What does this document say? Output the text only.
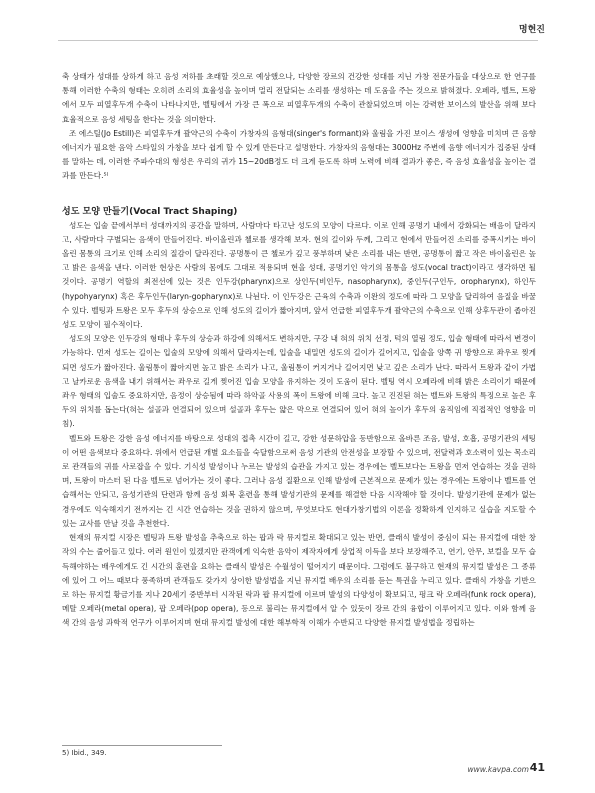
명현진

축 상태가 성대를 상하게 하고 음성 저하를 초래할 것으로 예상했으나, 다양한 장르의 건강한 성대를 지닌 가창 전문가들을 대상으로 한 연구를 통해 이러한 수축의 형태는 오히려 소리의 효율성을 높이며 멀리 전달되는 소리를 생성하는 데 도움을 주는 것으로 밝혀졌다. 오페라, 벨트, 트왕에서 모두 피열후두개 수축이 나타나지만, 벨팅에서 가장 큰 폭으로 피열후두개의 수축이 관찰되었으며 이는 강력한 보이스의 발산을 위해 보다 효율적으로 음성 세팅을 한다는 것을 의미한다.

조 에스틸(Jo Estill)은 피열후두개 괄약근의 수축이 가창자의 음형대(singer's formant)와 울림을 가진 보이스 생성에 영향을 미치며 큰 음향 에너지가 필요한 음악 스타일의 가창을 보다 쉽게 할 수 있게 만든다고 설명한다. 가창자의 음형대는 3000Hz 주변에 음향 에너지가 집중된 상태를 말하는 데, 이러한 주파수대의 형성은 우리의 귀가 15~20dB정도 더 크게 듣도록 하며 노력에 비해 결과가 좋은, 즉 음성 효율성을 높이는 결과를 만든다.⁵⁾

성도 모양 만들기(Vocal Tract Shaping)

성도는 입술 끝에서부터 성대까지의 공간을 말하며, 사람마다 타고난 성도의 모양이 다르다. 이로 인해 공명기 내에서 강화되는 배음이 달라지고, 사람마다 구별되는 음색이 만들어진다. 바이올린과 첼로를 생각해 보자. 현의 길이와 두께, 그리고 현에서 만들어진 소리를 증폭시키는 바이올린 몸통의 크기로 인해 소리의 질감이 달라진다. 공명통이 큰 첼로가 깊고 풍부하며 낮은 소리를 내는 반면, 공명통이 짧고 작은 바이올린은 높고 밝은 음색을 낸다. 이러한 현상은 사람의 몸에도 그대로 적용되며 현을 성대, 공명기인 악기의 몸통을 성도(vocal tract)이라고 생각하면 될 것이다. 공명기 역할의 최전선에 있는 것은 인두강(pharynx)으로 상인두(비인두, nasopharynx), 중인두(구인두, oropharynx), 하인두(hypohyarynx) 혹은 후두인두(laryn-gopharynx)로 나뉜다. 이 인두강은 근육의 수축과 이완의 정도에 따라 그 모양을 달리하여 음질을 바꿀 수 있다. 벨팅과 트왕은 모두 후두의 상승으로 인해 성도의 길이가 짧아지며, 앞서 언급한 피열후두개 괄약근의 수축으로 인해 상후두관이 좁아진 성도 모양이 필수적이다.

성도의 모양은 인두강의 형태나 후두의 상승과 하강에 의해서도 변하지만, 구강 내 혀의 위치 선정, 턱의 열림 정도, 입술 형태에 따라서 변경이 가능하다. 먼저 성도는 길이는 입술의 모양에 의해서 달라지는데, 입술을 내밀면 성도의 길이가 길어지고, 입술을 양쪽 귀 방향으로 좌우로 찢게 되면 성도가 짧아진다. 울림통이 짧아지면 높고 밝은 소리가 나고, 울림통이 커지거나 길어지면 낮고 깊은 소리가 난다. 따라서 트왕과 같이 가볍고 날카로운 음색을 내기 위해서는 좌우로 길게 찢어진 입술 모양을 유지하는 것이 도움이 된다. 벨팅 역시 오페라에 비해 밝은 소리이기 때문에 좌우 형태의 입술도 중요하지만, 음정이 상승됨에 따라 하악골 사용의 폭이 트왕에 비해 크다. 높고 진진된 혀는 벨트와 트왕의 특징으로 높은 후두의 위치를 돕는다(혀는 설골과 연결되어 있으며 설골과 후두는 얇은 막으로 연결되어 있어 혀의 높이가 후두의 움직임에 직접적인 영향을 미침).

벨트와 트왕은 강한 음성 에너지를 바탕으로 성대의 접촉 시간이 길고, 강한 성문하압을 동반함으로 올바른 조음, 발성, 호흡, 공명기관의 세팅이 어떤 음색보다 중요하다. 위에서 언급된 개별 요소들을 숙달함으로써 음성 기관의 안전성을 보장할 수 있으며, 전달력과 호소력이 있는 목소리로 관객들의 귀를 사로잡을 수 있다. 기식성 발성이나 누르는 발성의 습관을 가지고 있는 경우에는 벨트보다는 트왕을 먼저 연습하는 것을 권하며, 트왕이 마스터 된 다음 벨트로 넘어가는 것이 좋다. 그러나 음성 질환으로 인해 발성에 근본적으로 문제가 있는 경우에는 트왕이나 벨트를 연습해서는 안되고, 음성기관의 단련과 함께 음성 회복 훈련을 통해 발성기관의 문제를 해결한 다음 시작해야 할 것이다. 발성기관에 문제가 없는 경우에도 익숙해지기 전까지는 긴 시간 연습하는 것을 권하지 않으며, 무엇보다도 현대가창기법의 이론을 정확하게 인지하고 실습을 지도할 수 있는 교사를 만날 것을 추천한다.

현재의 뮤지컬 시장은 벨팅과 트왕 발성을 추축으로 하는 팝과 락 뮤지컬로 확대되고 있는 반면, 클래식 발성이 중심이 되는 뮤지컬에 대한 창작의 수는 줄어들고 있다. 여러 원인이 있겠지만 관객에게 익숙한 음악이 제작자에게 상업적 이득을 보다 보장해주고, 연기, 안무, 보컬을 모두 습득해야하는 배우에게도 긴 시간의 훈련을 요하는 클래식 발성은 수월성이 떨어지기 때문이다. 그럼에도 불구하고 현재의 뮤지컬 발성은 그 종류에 있어 그 어느 때보다 풍족하며 관객들도 갖가지 상이한 발성법을 지닌 뮤지컬 배우의 소리를 듣는 특권을 누리고 있다. 클래식 가창을 기반으로 하는 뮤지컬 황금기를 지나 20세기 중반부터 시작된 락과 팝 뮤지컬에 이르며 발성의 다양성이 확보되고, 펑크 락 오페라(funk rock opera), 메탈 오페라(metal opera), 팝 오페라(pop opera), 등으로 불리는 뮤지컬에서 알 수 있듯이 장르 간의 융합이 이루어지고 있다. 이와 함께 음색 간의 음성 과학적 연구가 이루어지며 현대 뮤지컬 발성에 대한 해부학적 이해가 수반되고 다양한 뮤지컬 발성법을 정립하는

5) Ibid., 349.
www.kavpa.com 41
